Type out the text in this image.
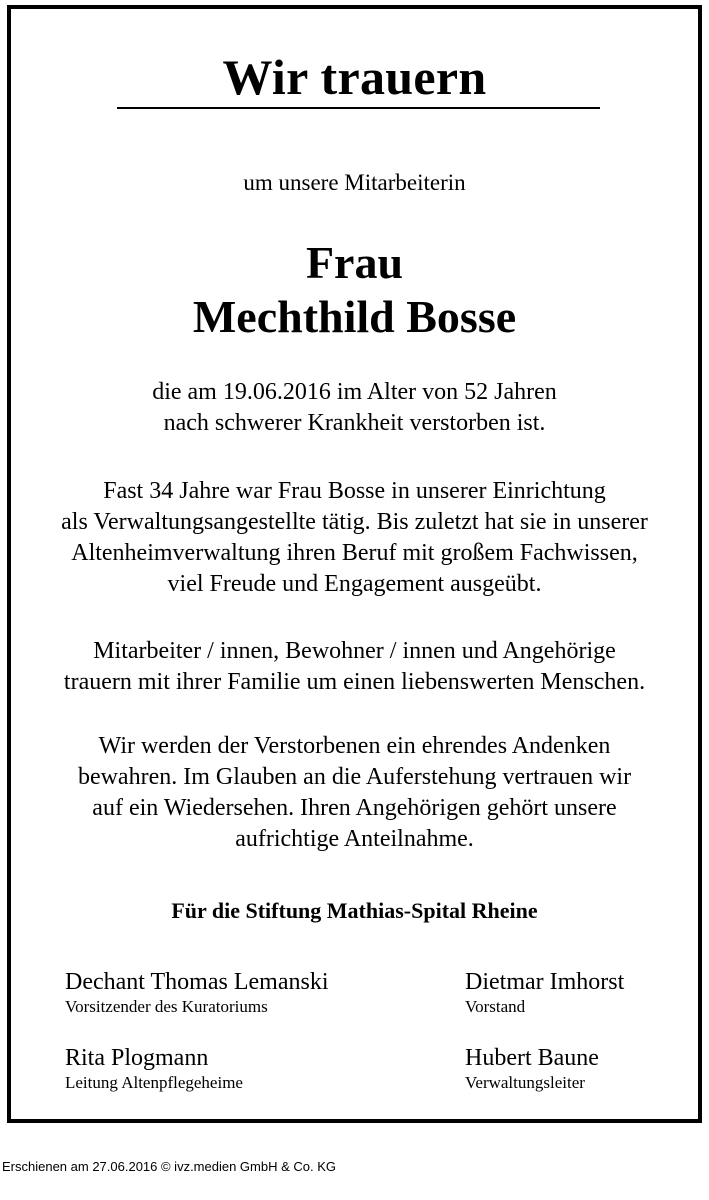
Wir trauern
um unsere Mitarbeiterin
Frau
Mechthild Bosse
die am 19.06.2016 im Alter von 52 Jahren
nach schwerer Krankheit verstorben ist.
Fast 34 Jahre war Frau Bosse in unserer Einrichtung
als Verwaltungsangestellte tätig. Bis zuletzt hat sie in unserer
Altenheimverwaltung ihren Beruf mit großem Fachwissen,
viel Freude und Engagement ausgeübt.
Mitarbeiter / innen, Bewohner / innen und Angehörige
trauern mit ihrer Familie um einen liebenswerten Menschen.
Wir werden der Verstorbenen ein ehrendes Andenken
bewahren. Im Glauben an die Auferstehung vertrauen wir
auf ein Wiedersehen. Ihren Angehörigen gehört unsere
aufrichtige Anteilnahme.
Für die Stiftung Mathias-Spital Rheine
Dechant Thomas Lemanski
Vorsitzender des Kuratoriums
Dietmar Imhorst
Vorstand
Rita Plogmann
Leitung Altenpflegeheime
Hubert Baune
Verwaltungsleiter
Erschienen am 27.06.2016 © ivz.medien GmbH & Co. KG
